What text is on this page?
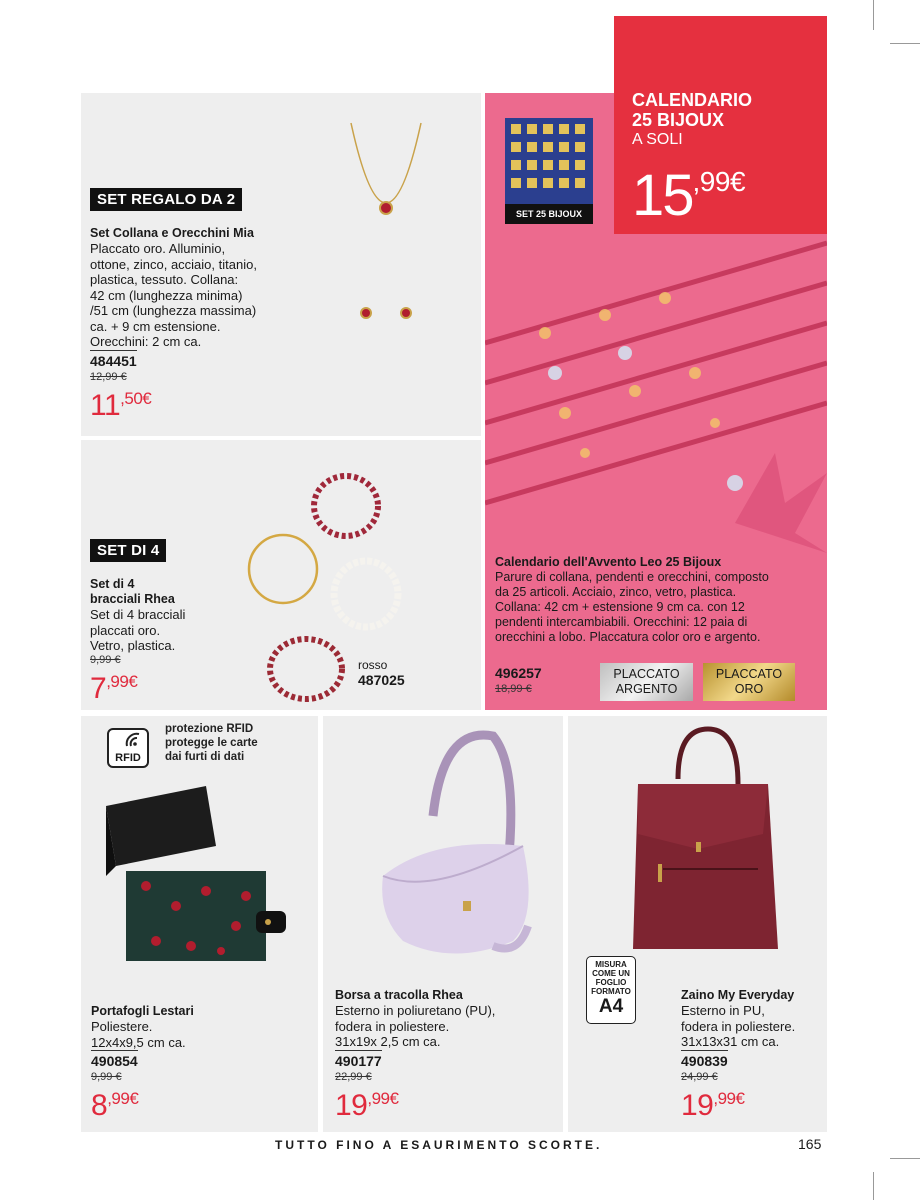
SET REGALO DA 2
Set Collana e Orecchini Mia
Placcato oro. Alluminio,
ottone, zinco, acciaio, titanio,
plastica, tessuto. Collana:
42 cm (lunghezza minima)
/51 cm (lunghezza massima)
ca. + 9 cm estensione.
Orecchini: 2 cm ca.
484451
12,99 €
$11^{,50€}$
SET DI 4
Set di 4
bracciali Rhea
Set di 4 bracciali
placcati oro.
Vetro, plastica.
9,99 €
$7^{,99€}$
rosso
487025
SET 25 BIJOUX
Calendario dell'Avvento Leo 25 Bijoux
Parure di collana, pendenti e orecchini, composto
da 25 articoli. Acciaio, zinco, vetro, plastica.
Collana: 42 cm + estensione 9 cm ca. con 12
pendenti intercambiabili. Orecchini: 12 paia di
orecchini a lobo. Placcatura color oro e argento.
496257
18,99 €
PLACCATO
ARGENTO
PLACCATO
ORO
CALENDARIO
25 BIJOUX
A SOLI
$15^{,99€}$
RFID
protezione RFID
protegge le carte
dai furti di dati
Portafogli Lestari
Poliestere.
12x4x9,5 cm ca.
490854
9,99 €
$8^{,99€}$
Borsa a tracolla Rhea
Esterno in poliuretano (PU),
fodera in poliestere.
31x19x 2,5 cm ca.
490177
22,99 €
$19^{,99€}$
MISURA
COME UN
FOGLIO
FORMATO
A4
Zaino My Everyday
Esterno in PU,
fodera in poliestere.
31x13x31 cm ca.
490839
24,99 €
$19^{,99€}$
TUTTO FINO A ESAURIMENTO SCORTE.	165
